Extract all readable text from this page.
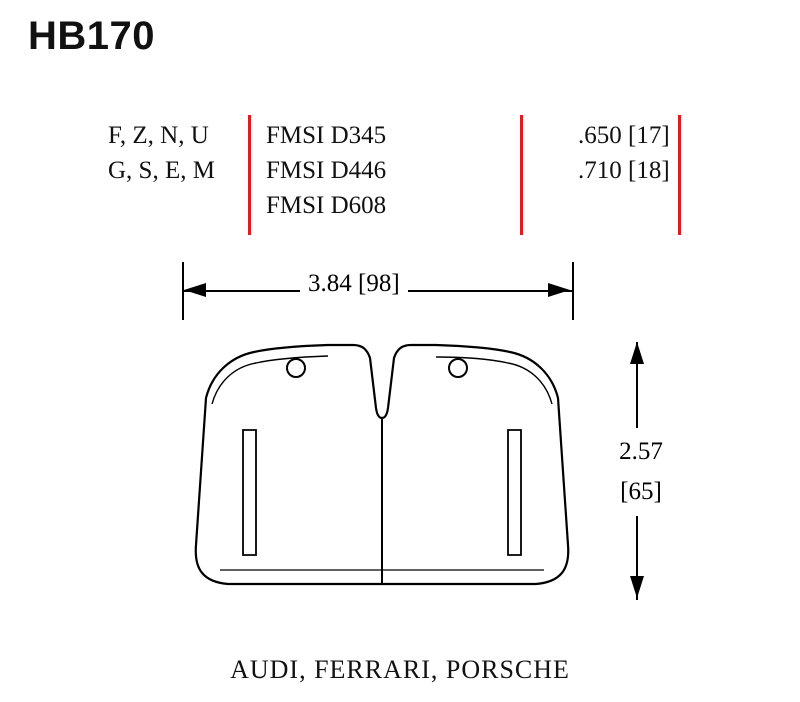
HB170
F, Z, N, U
G, S, E, M
FMSI D345
FMSI D446
FMSI D608
.650 [17]
.710 [18]
3.84 [98]
2.57
[65]
AUDI, FERRARI, PORSCHE
